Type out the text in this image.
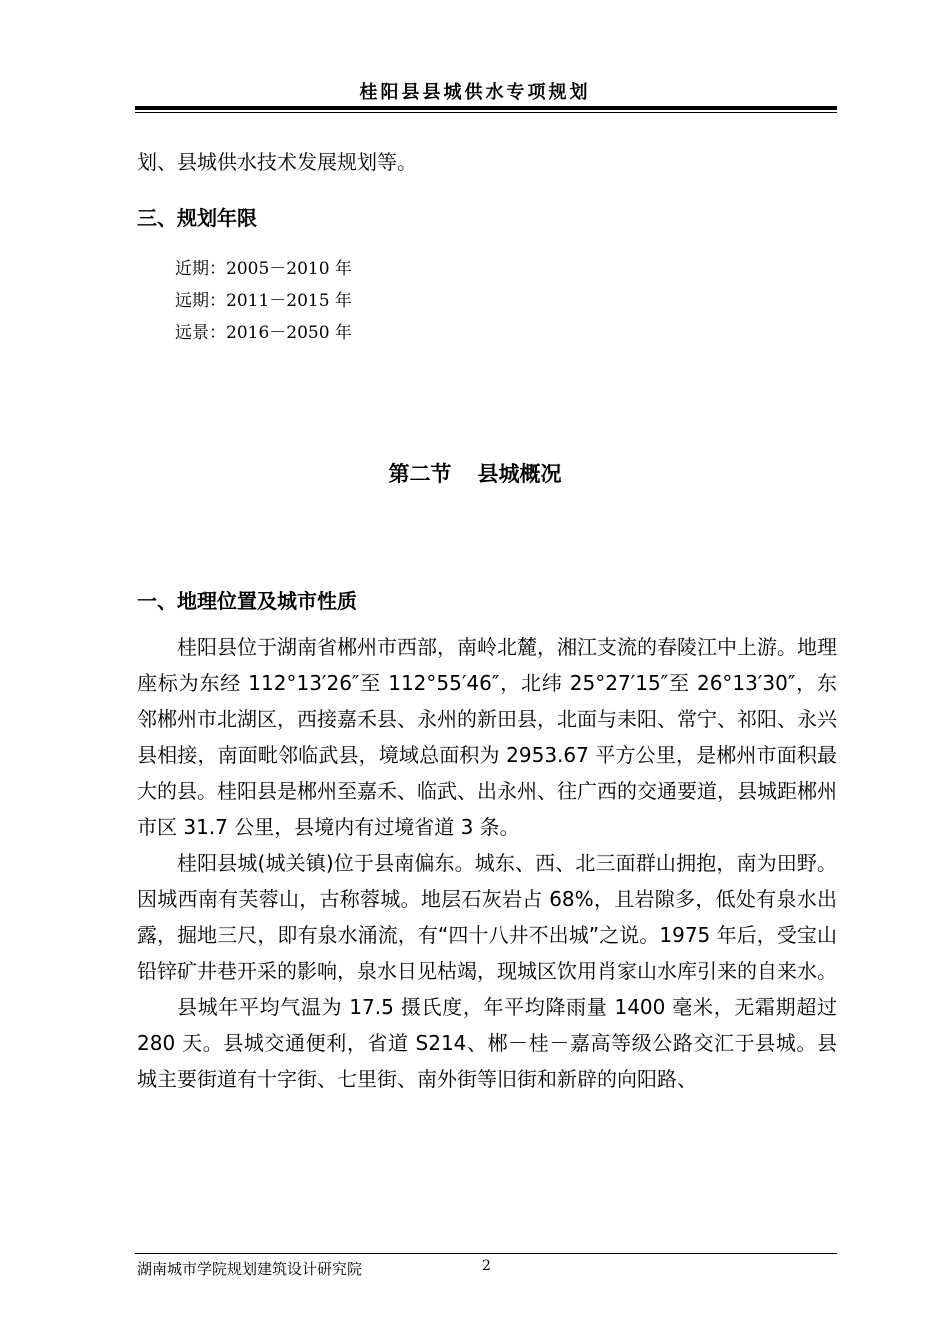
桂阳县县城供水专项规划
划、县城供水技术发展规划等。
三、规划年限
近期：2005－2010 年
远期：2011－2015 年
远景：2016－2050 年
第二节 县城概况
一、地理位置及城市性质

桂阳县位于湖南省郴州市西部，南岭北麓，湘江支流的春陵江中上游。地理座标为东经 112°13′26″至 112°55′46″，北纬 25°27′15″至 26°13′30″，东邻郴州市北湖区，西接嘉禾县、永州的新田县，北面与耒阳、常宁、祁阳、永兴县相接，南面毗邻临武县，境域总面积为 2953.67 平方公里，是郴州市面积最大的县。桂阳县是郴州至嘉禾、临武、出永州、往广西的交通要道，县城距郴州市区 31.7 公里，县境内有过境省道 3 条。

桂阳县城(城关镇)位于县南偏东。城东、西、北三面群山拥抱，南为田野。因城西南有芙蓉山，古称蓉城。地层石灰岩占 68%，且岩隙多，低处有泉水出露，掘地三尺，即有泉水涌流，有“四十八井不出城”之说。1975 年后，受宝山铅锌矿井巷开采的影响，泉水日见枯竭，现城区饮用肖家山水库引来的自来水。

县城年平均气温为 17.5 摄氏度，年平均降雨量 1400 毫米，无霜期超过 280 天。县城交通便利，省道 S214、郴－桂－嘉高等级公路交汇于县城。县城主要街道有十字街、七里街、南外街等旧街和新辟的向阳路、

湖南城市学院规划建筑设计研究院	2
